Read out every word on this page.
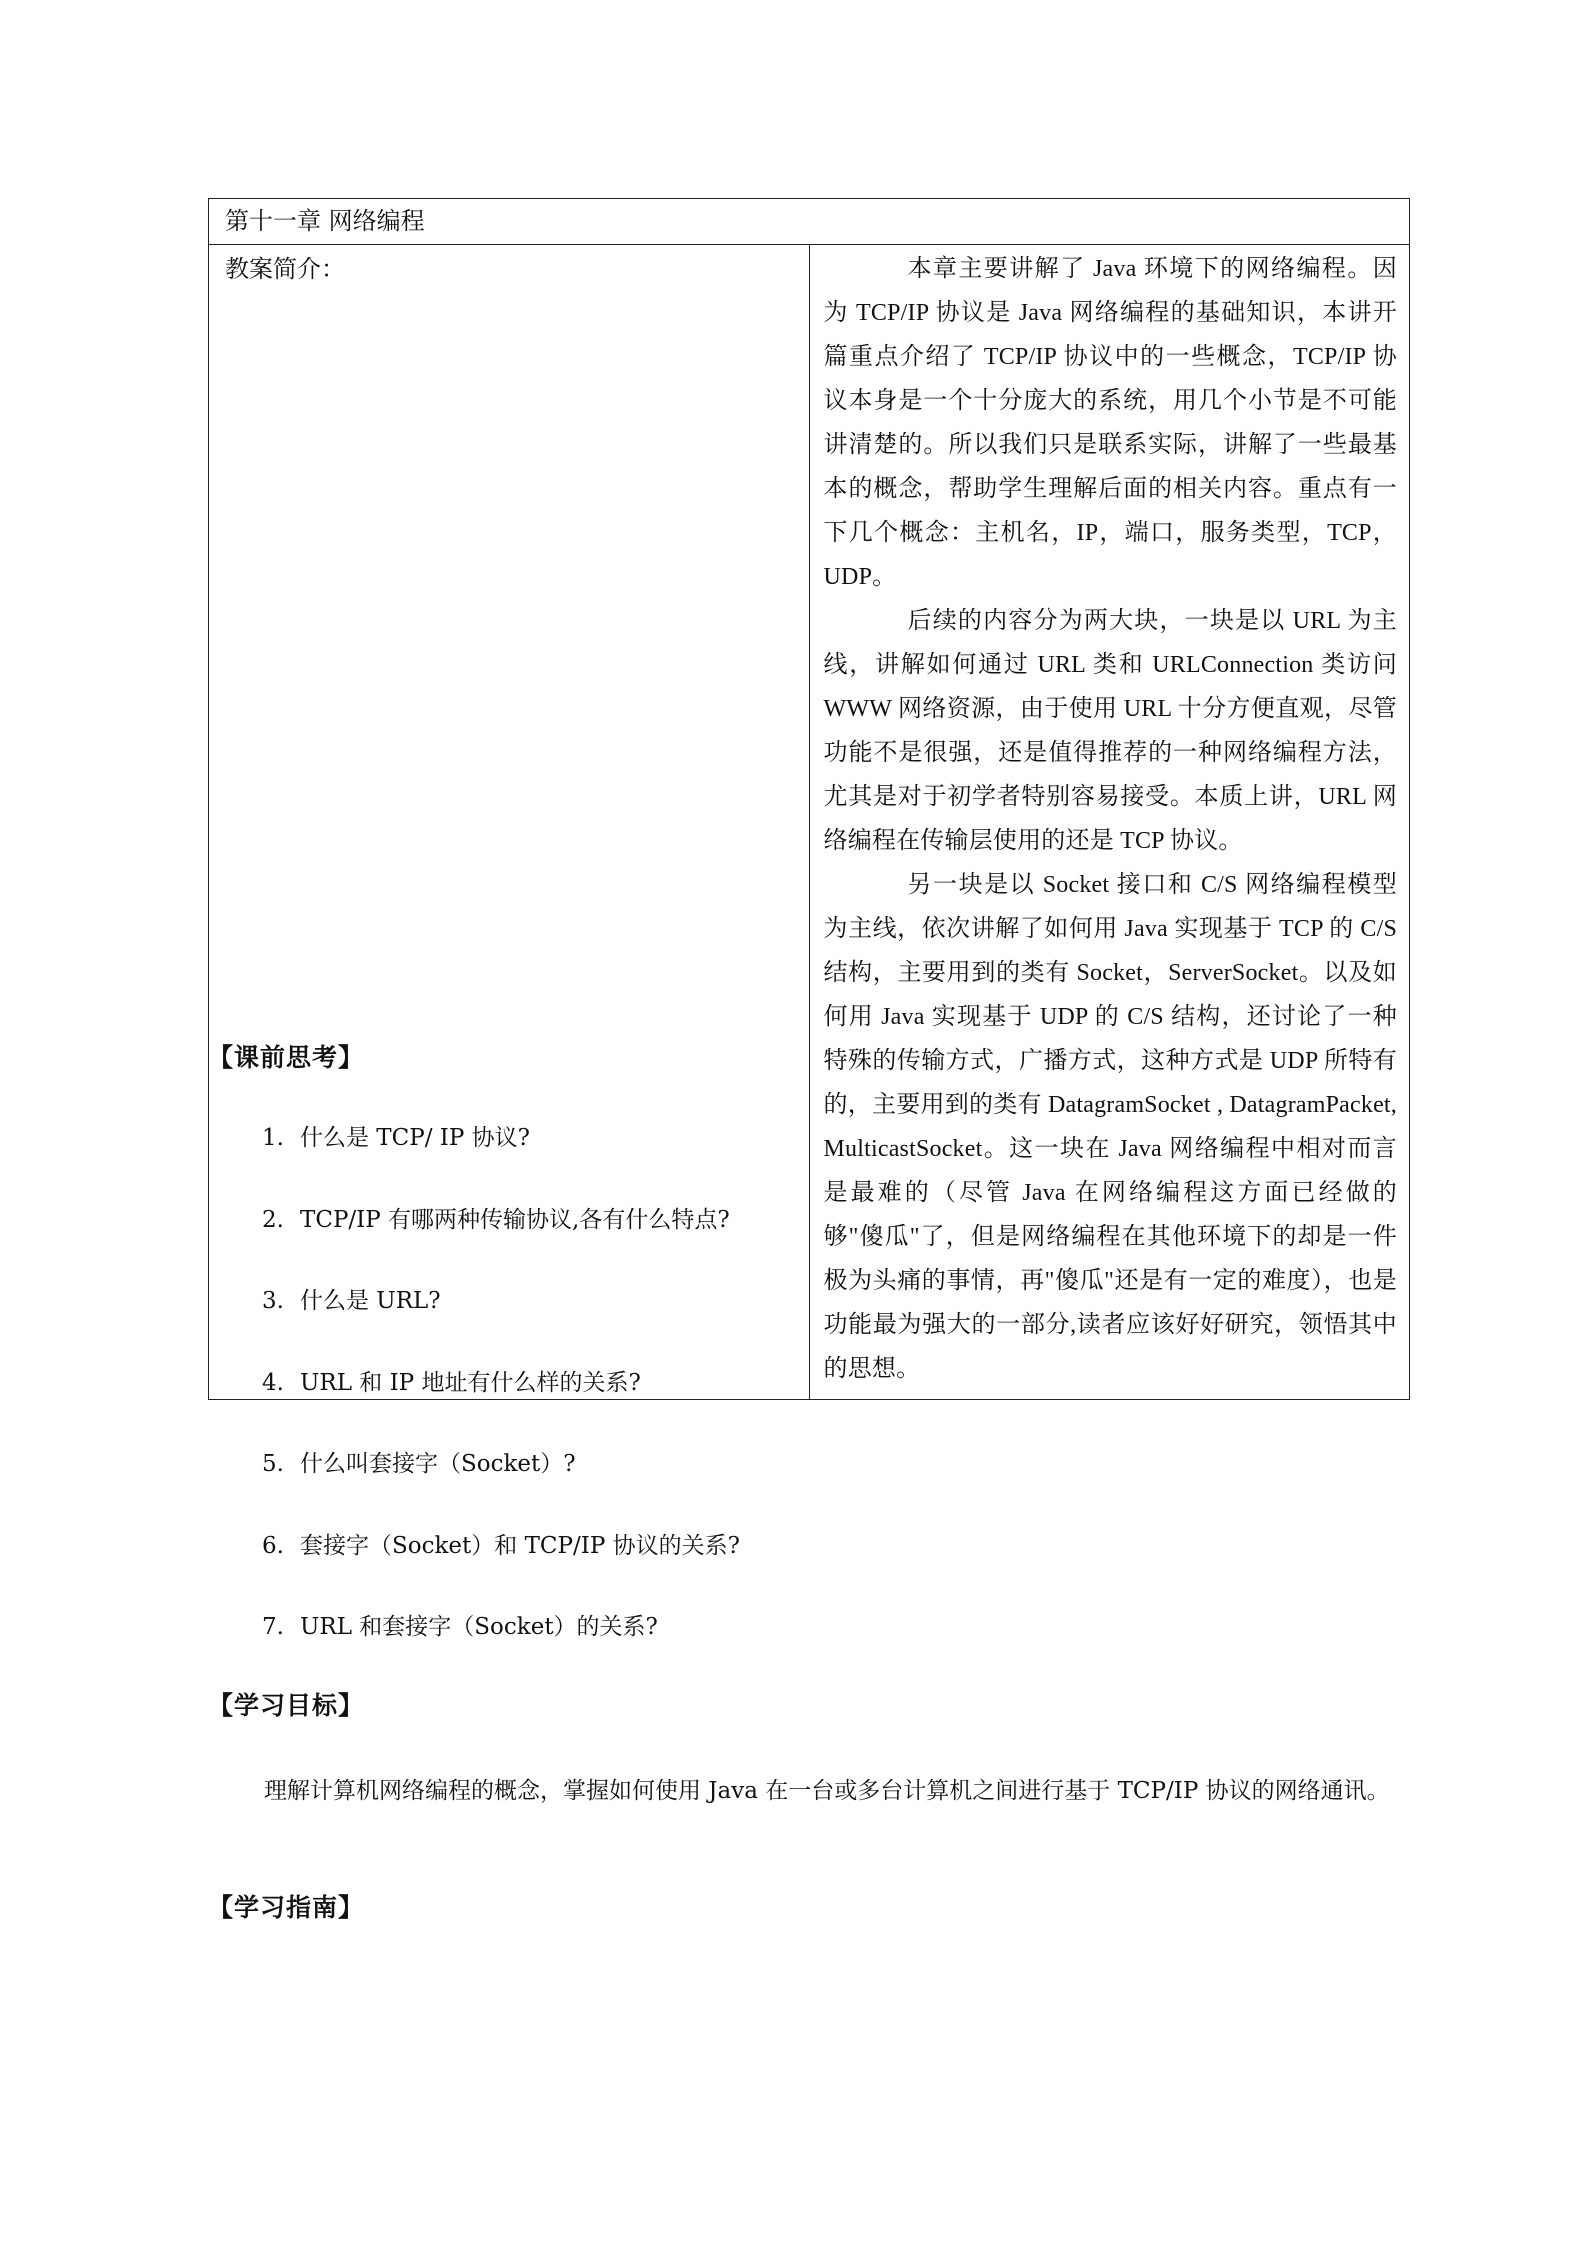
第十一章 网络编程
教案简介：	本章主要讲解了 Java 环境下的网络编程。因为 TCP/IP 协议是 Java 网络编程的基础知识，本讲开篇重点介绍了 TCP/IP 协议中的一些概念，TCP/IP 协议本身是一个十分庞大的系统，用几个小节是不可能讲清楚的。所以我们只是联系实际，讲解了一些最基本的概念，帮助学生理解后面的相关内容。重点有一下几个概念：主机名，IP，端口，服务类型，TCP，UDP。

后续的内容分为两大块，一块是以 URL 为主线，讲解如何通过 URL 类和 URLConnection 类访问 WWW 网络资源，由于使用 URL 十分方便直观，尽管功能不是很强，还是值得推荐的一种网络编程方法，尤其是对于初学者特别容易接受。本质上讲，URL 网络编程在传输层使用的还是 TCP 协议。

另一块是以 Socket 接口和 C/S 网络编程模型为主线，依次讲解了如何用 Java 实现基于 TCP 的 C/S 结构，主要用到的类有 Socket，ServerSocket。以及如何用 Java 实现基于 UDP 的 C/S 结构，还讨论了一种特殊的传输方式，广播方式，这种方式是 UDP 所特有的，主要用到的类有 DatagramSocket , DatagramPacket, MulticastSocket。这一块在 Java 网络编程中相对而言是最难的（尽管 Java 在网络编程这方面已经做的够"傻瓜"了，但是网络编程在其他环境下的却是一件极为头痛的事情，再"傻瓜"还是有一定的难度），也是功能最为强大的一部分,读者应该好好研究，领悟其中的思想。

【课前思考】
1. 什么是 TCP/ IP 协议?
2. TCP/IP 有哪两种传输协议,各有什么特点?
3. 什么是 URL?
4. URL 和 IP 地址有什么样的关系?
5. 什么叫套接字（Socket）?
6. 套接字（Socket）和 TCP/IP 协议的关系?
7. URL 和套接字（Socket）的关系?
【学习目标】

理解计算机网络编程的概念，掌握如何使用 Java 在一台或多台计算机之间进行基于 TCP/IP 协议的网络通讯。

【学习指南】
